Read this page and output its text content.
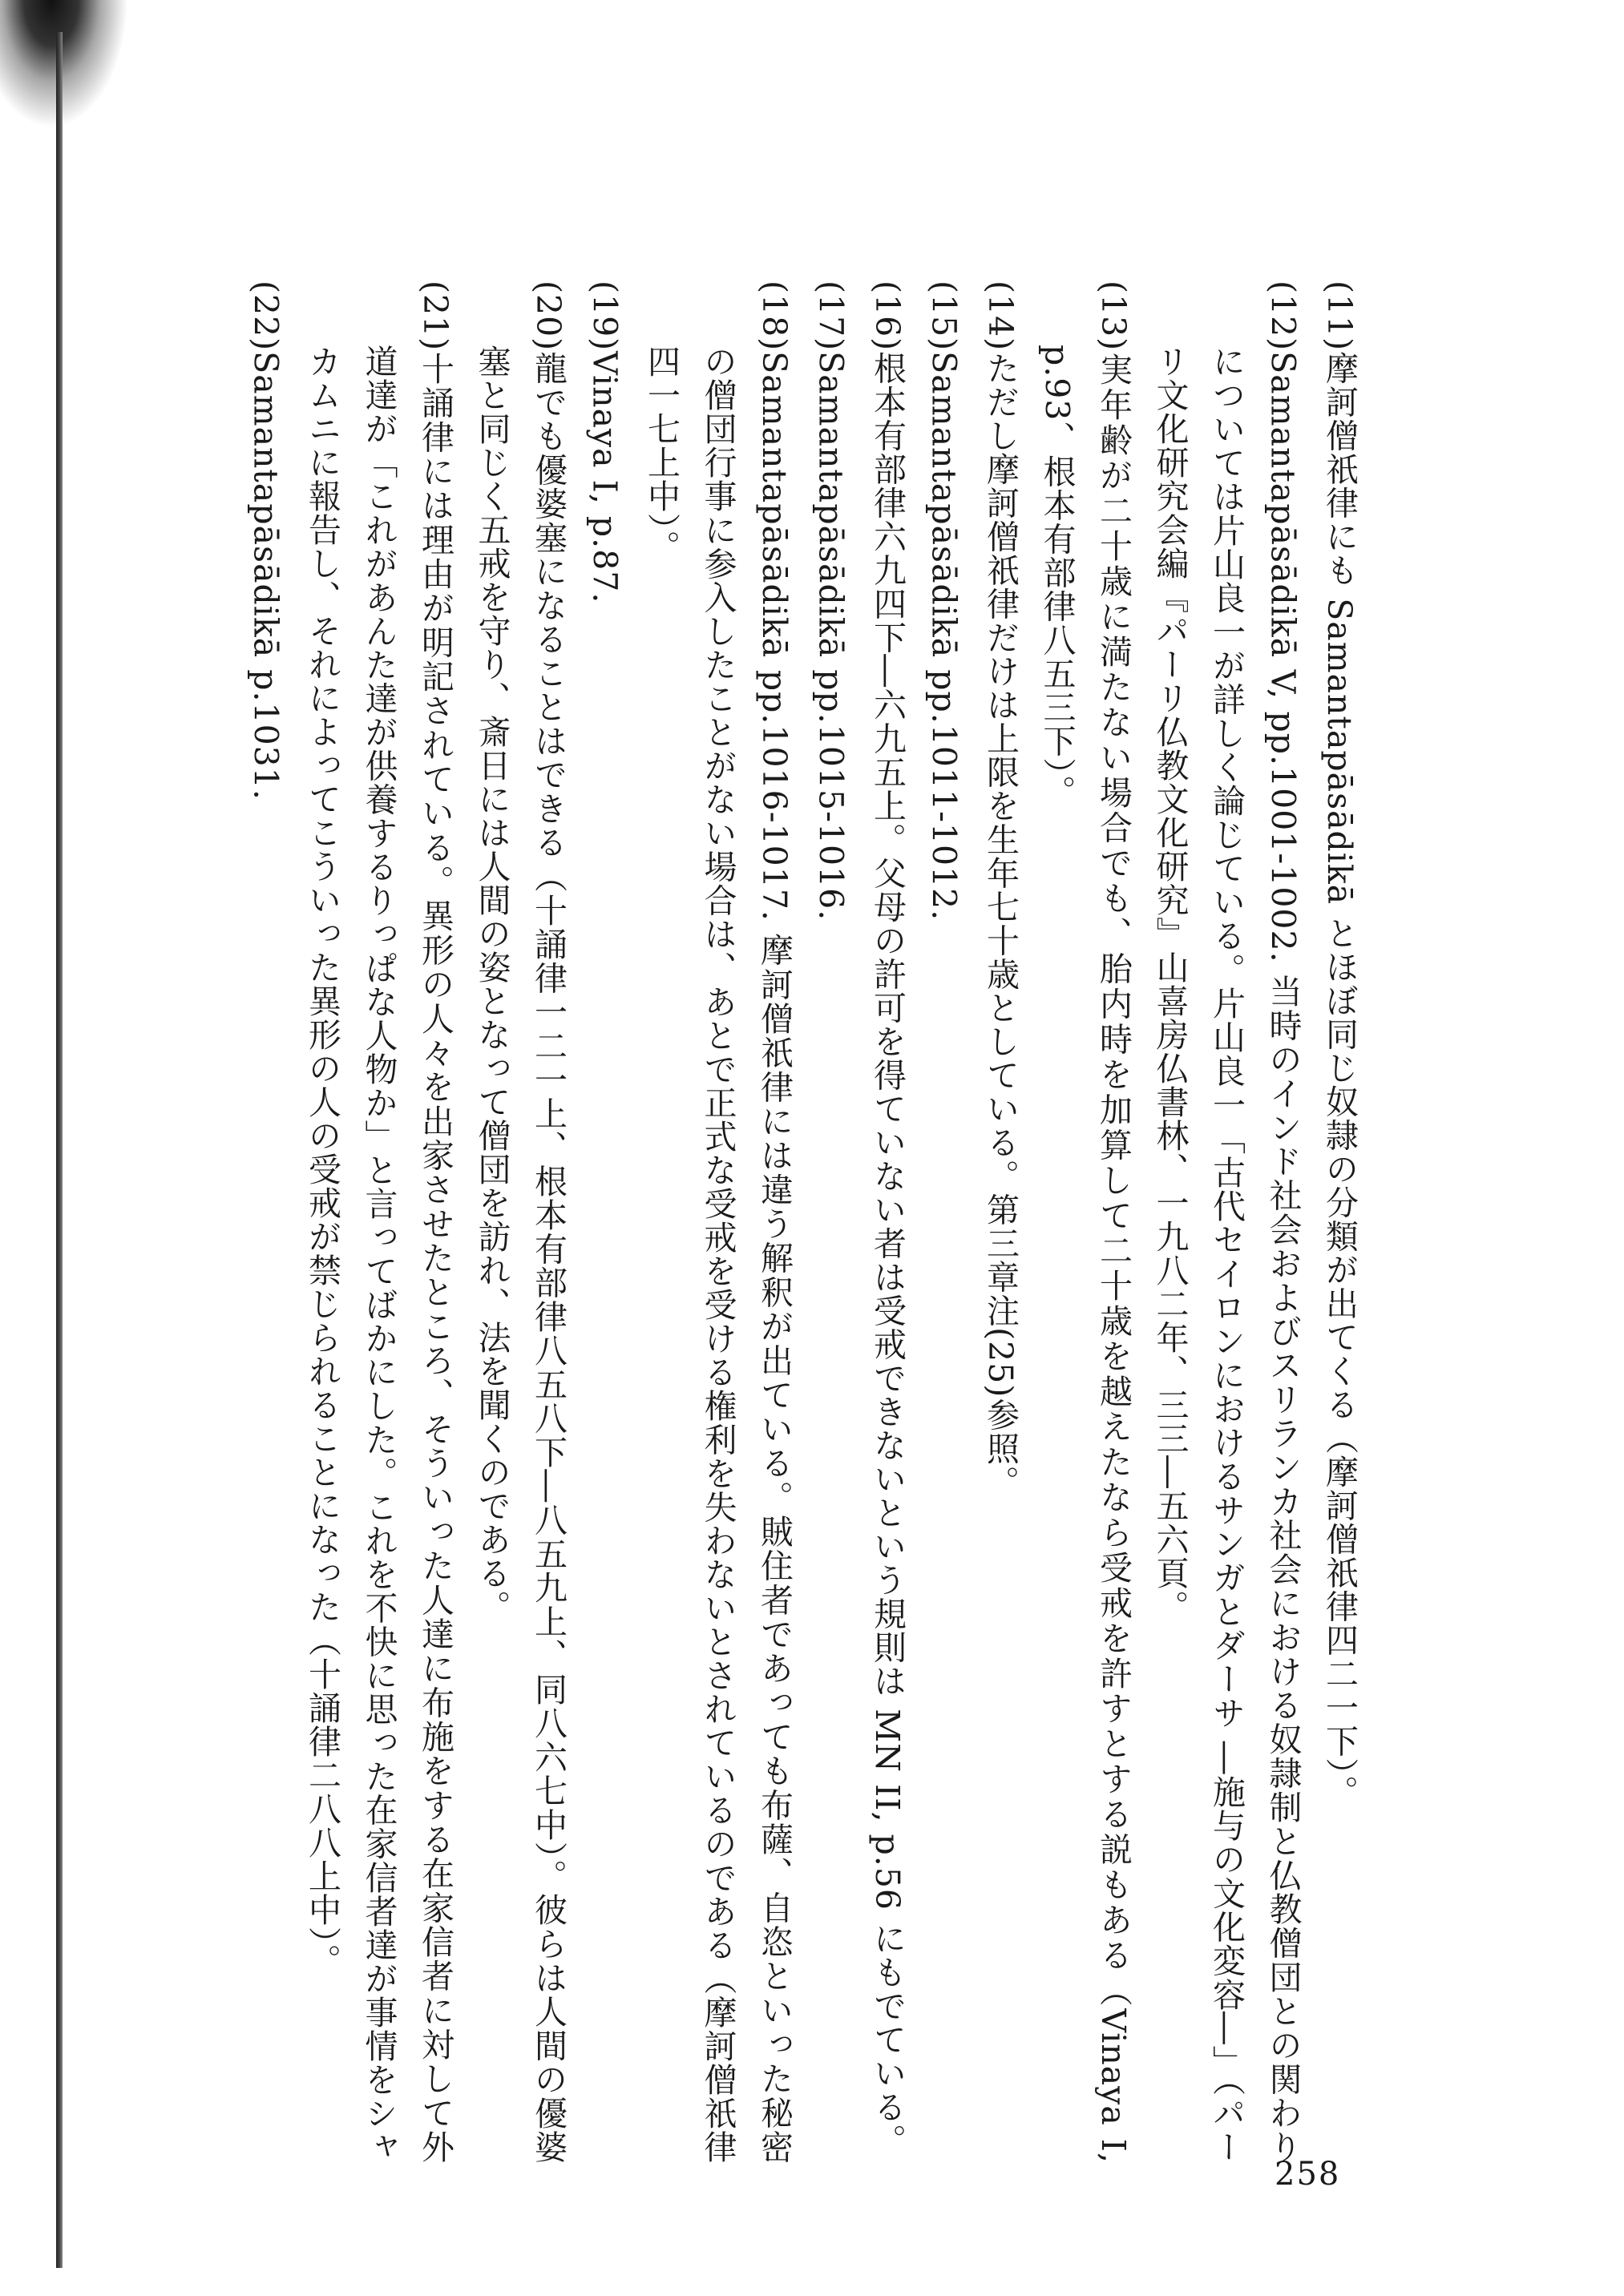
(11)摩訶僧祇律にも Samantapāsādikā とほぼ同じ奴隷の分類が出てくる（摩訶僧祇律四二一下）。

(12)Samantapāsādikā V, pp.1001-1002. 当時のインド社会およびスリランカ社会における奴隷制と仏教僧団との関わりについては片山良一が詳しく論じている。片山良一「古代セイロンにおけるサンガとダーサ ―施与の文化変容―」（パーリ文化研究会編『パーリ仏教文化研究』山喜房仏書林、一九八二年、三三―五六頁。

(13)実年齢が二十歳に満たない場合でも、胎内時を加算して二十歳を越えたなら受戒を許すとする説もある（Vinaya I, p.93、根本有部律八五三下）。

(14)ただし摩訶僧祇律だけは上限を生年七十歳としている。第三章注(25)参照。

(15)Samantapāsādikā pp.1011-1012.

(16)根本有部律六九四下―六九五上。父母の許可を得ていない者は受戒できないという規則は MN II, p.56 にもでている。

(17)Samantapāsādikā pp.1015-1016.

(18)Samantapāsādikā pp.1016-1017. 摩訶僧祇律には違う解釈が出ている。賊住者であっても布薩、自恣といった秘密の僧団行事に参入したことがない場合は、あとで正式な受戒を受ける権利を失わないとされているのである（摩訶僧祇律四一七上中）。

(19)Vinaya I, p.87.

(20)龍でも優婆塞になることはできる（十誦律一二一上、根本有部律八五八下―八五九上、同八六七中）。彼らは人間の優婆塞と同じく五戒を守り、斎日には人間の姿となって僧団を訪れ、法を聞くのである。

(21)十誦律には理由が明記されている。異形の人々を出家させたところ、そういった人達に布施をする在家信者に対して外道達が「これがあんた達が供養するりっぱな人物か」と言ってばかにした。これを不快に思った在家信者達が事情をシャカムニに報告し、それによってこういった異形の人の受戒が禁じられることになった（十誦律二八八上中）。

(22)Samantapāsādikā p.1031.

258
